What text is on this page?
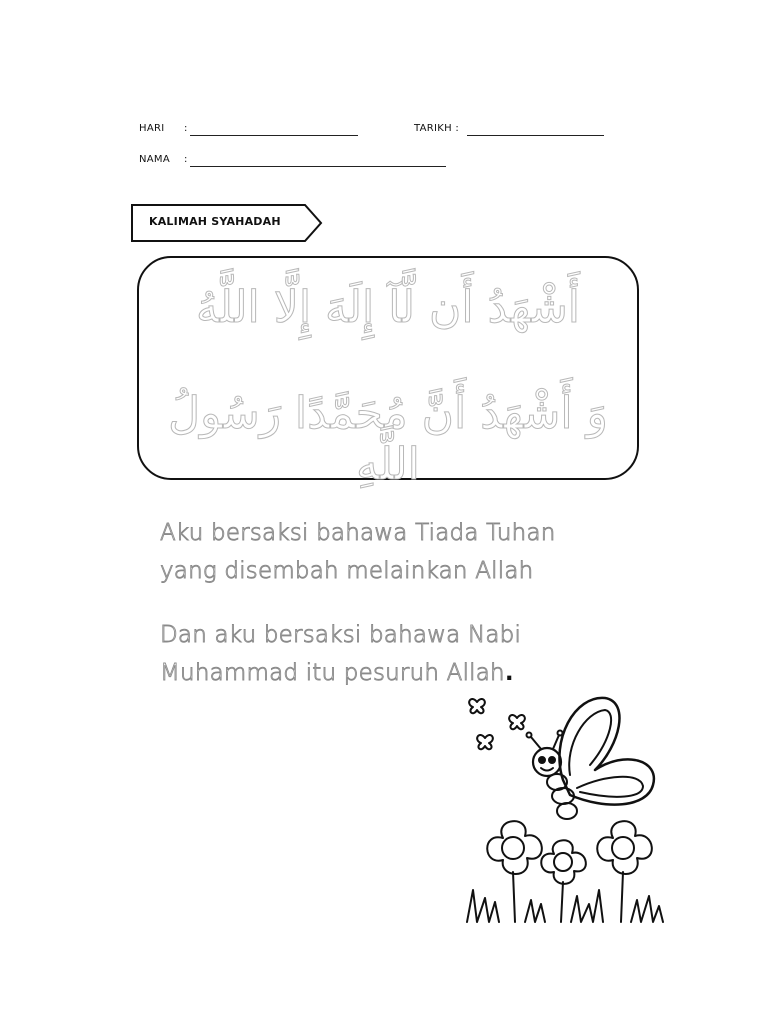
HARI :	TARIKH :
NAMA :
KALIMAH SYAHADAH
أَشْهَدُ أَن لَّآ إِلَهَ إِلَّا اللَّهُ
وَ أَشْهَدُ أَنَّ مُحَمَّدًا رَسُولُ اللَّهِ
Aku bersaksi bahawa Tiada Tuhan
yang disembah melainkan Allah
Dan aku bersaksi bahawa Nabi
Muhammad itu pesuruh Allah.
